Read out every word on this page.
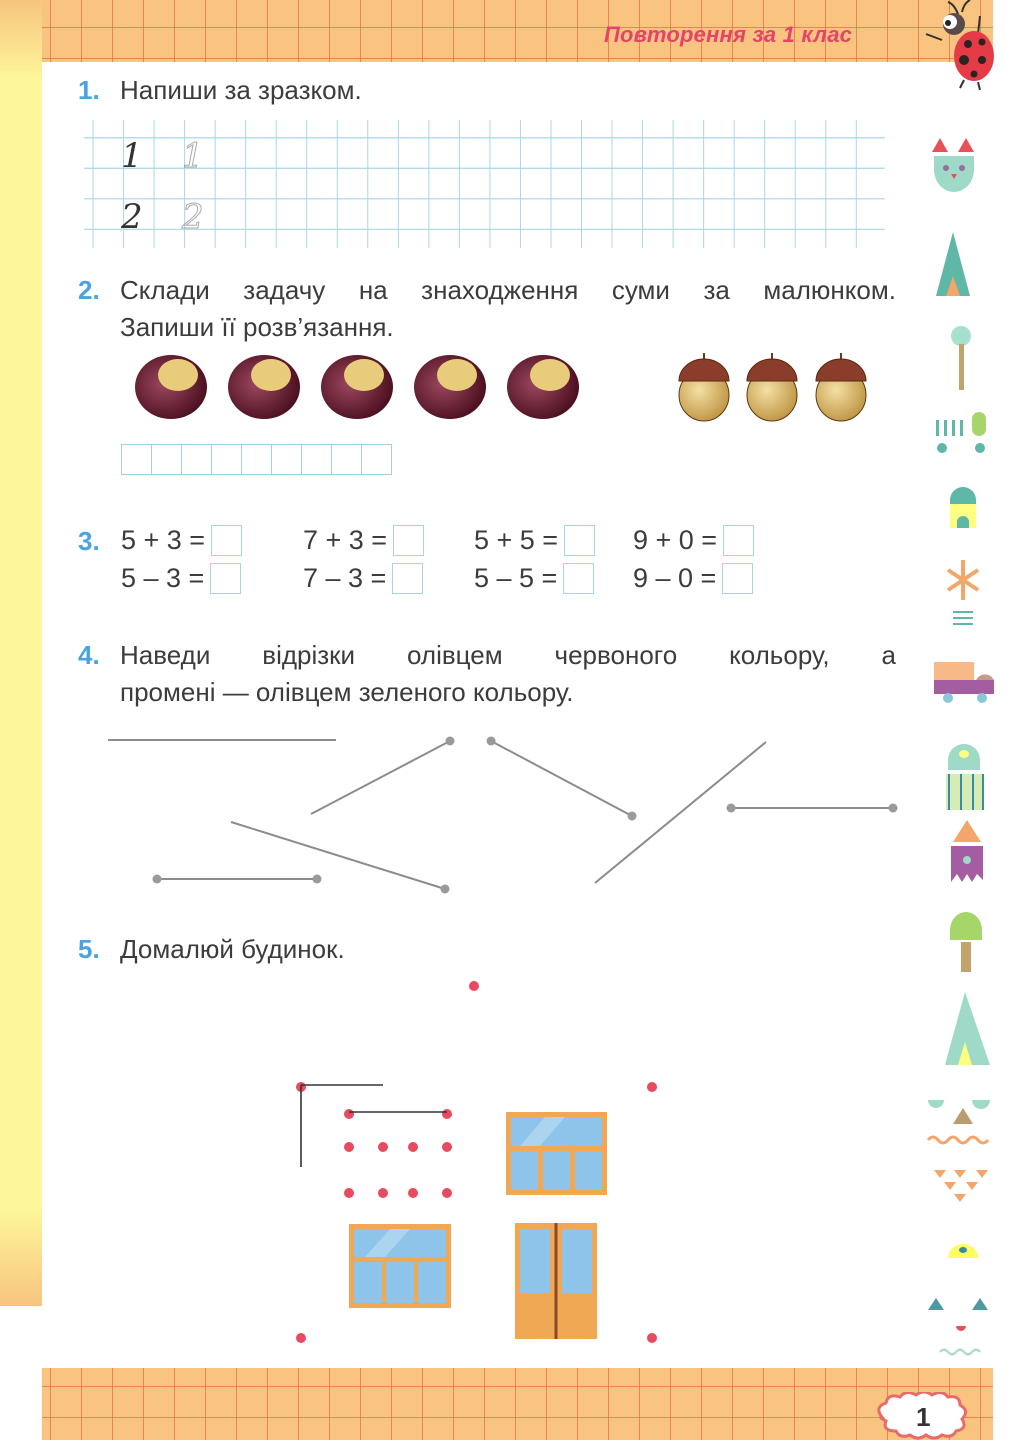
Повторення за 1 клас
1. Напиши за зразком.
1 1
2 2
2. Склади задачу на знаходження суми за малюнком.
Запиши її розв’язання.
3. 5 + 3 =	7 + 3 =	5 + 5 =	9 + 0 =
5 – 3 =	7 – 3 =	5 – 5 =	9 – 0 =
4. Наведи відрізки олівцем червоного кольору, а
промені — олівцем зеленого кольору.
5. Домалюй будинок.
1
